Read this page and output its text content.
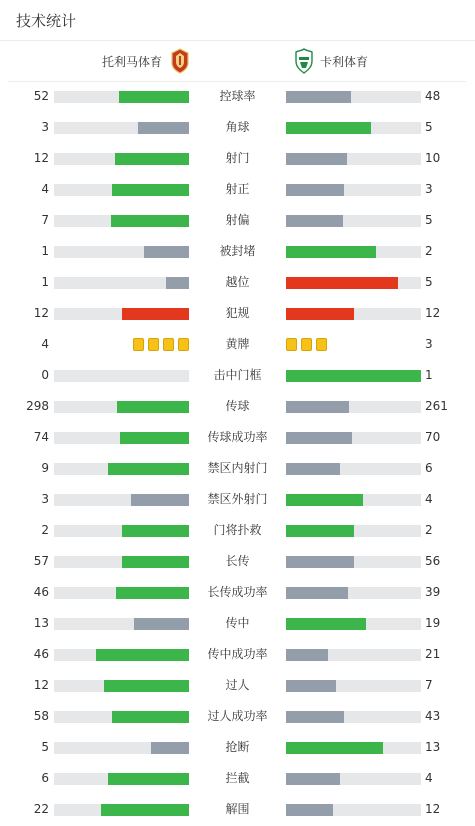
技术统计
托利马体育	卡利体育
52	控球率	48
3	角球	5
12	射门	10
4	射正	3
7	射偏	5
1	被封堵	2
1	越位	5
12	犯规	12
4	黄牌	3
0	击中门框	1
298	传球	261
74	传球成功率	70
9	禁区内射门	6
3	禁区外射门	4
2	门将扑救	2
57	长传	56
46	长传成功率	39
13	传中	19
46	传中成功率	21
12	过人	7
58	过人成功率	43
5	抢断	13
6	拦截	4
22	解围	12
